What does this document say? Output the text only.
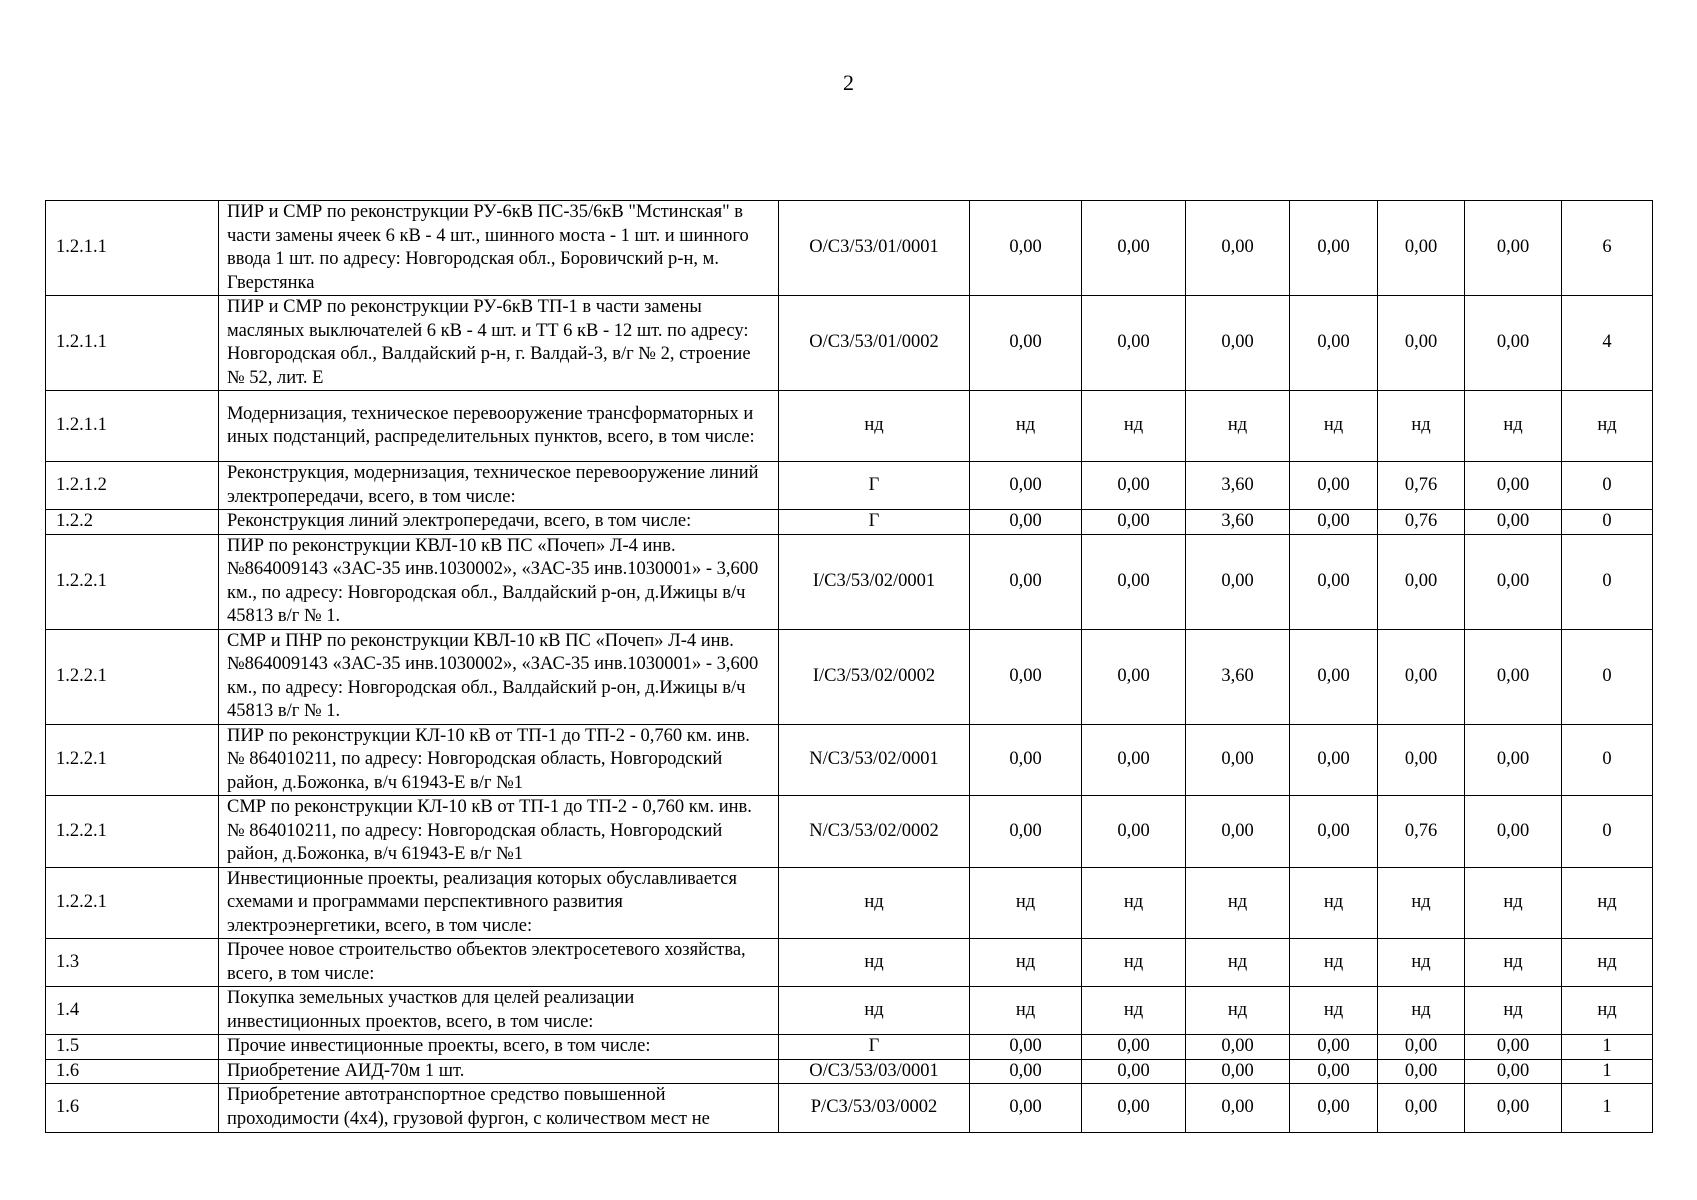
2
1.2.1.1	ПИР и СМР по реконструкции РУ-6кВ ПС-35/6кВ "Мстинская" в части замены ячеек 6 кВ - 4 шт., шинного моста - 1 шт. и шинного ввода 1 шт. по адресу: Новгородская обл., Боровичский р-н, м. Гверстянка	O/C3/53/01/0001	0,00	0,00	0,00	0,00	0,00	0,00	6
1.2.1.1	ПИР и СМР по реконструкции РУ-6кВ ТП-1 в части замены масляных выключателей 6 кВ - 4 шт. и ТТ 6 кВ - 12 шт. по адресу: Новгородская обл., Валдайский р-н, г. Валдай-3, в/г № 2, строение № 52, лит. Е	O/C3/53/01/0002	0,00	0,00	0,00	0,00	0,00	0,00	4
1.2.1.1	Модернизация, техническое перевооружение трансформаторных и иных подстанций, распределительных пунктов, всего, в том числе:	нд	нд	нд	нд	нд	нд	нд	нд
1.2.1.2	Реконструкция, модернизация, техническое перевооружение линий электропередачи, всего, в том числе:	Г	0,00	0,00	3,60	0,00	0,76	0,00	0
1.2.2	Реконструкция линий электропередачи, всего, в том числе:	Г	0,00	0,00	3,60	0,00	0,76	0,00	0
1.2.2.1	ПИР по реконструкции КВЛ-10 кВ ПС «Почеп» Л-4 инв. №864009143 «ЗАС-35 инв.1030002», «ЗАС-35 инв.1030001» - 3,600 км., по адресу: Новгородская обл., Валдайский р-он, д.Ижицы в/ч 45813 в/г № 1.	I/C3/53/02/0001	0,00	0,00	0,00	0,00	0,00	0,00	0
1.2.2.1	СМР и ПНР по реконструкции КВЛ-10 кВ ПС «Почеп» Л-4 инв. №864009143 «ЗАС-35 инв.1030002», «ЗАС-35 инв.1030001» - 3,600 км., по адресу: Новгородская обл., Валдайский р-он, д.Ижицы в/ч 45813 в/г № 1.	I/C3/53/02/0002	0,00	0,00	3,60	0,00	0,00	0,00	0
1.2.2.1	ПИР по реконструкции КЛ-10 кВ от ТП-1 до ТП-2 - 0,760 км. инв. № 864010211, по адресу: Новгородская область, Новгородский район, д.Божонка, в/ч 61943-Е в/г №1	N/C3/53/02/0001	0,00	0,00	0,00	0,00	0,00	0,00	0
1.2.2.1	СМР по реконструкции КЛ-10 кВ от ТП-1 до ТП-2 - 0,760 км. инв. № 864010211, по адресу: Новгородская область, Новгородский район, д.Божонка, в/ч 61943-Е в/г №1	N/C3/53/02/0002	0,00	0,00	0,00	0,00	0,76	0,00	0
1.2.2.1	Инвестиционные проекты, реализация которых обуславливается схемами и программами перспективного развития электроэнергетики, всего, в том числе:	нд	нд	нд	нд	нд	нд	нд	нд
1.3	Прочее новое строительство объектов электросетевого хозяйства, всего, в том числе:	нд	нд	нд	нд	нд	нд	нд	нд
1.4	Покупка земельных участков для целей реализации инвестиционных проектов, всего, в том числе:	нд	нд	нд	нд	нд	нд	нд	нд
1.5	Прочие инвестиционные проекты, всего, в том числе:	Г	0,00	0,00	0,00	0,00	0,00	0,00	1
1.6	Приобретение АИД-70м 1 шт.	O/C3/53/03/0001	0,00	0,00	0,00	0,00	0,00	0,00	1
1.6	Приобретение автотранспортное средство повышенной проходимости (4х4), грузовой фургон, с количеством мест не	P/C3/53/03/0002	0,00	0,00	0,00	0,00	0,00	0,00	1
